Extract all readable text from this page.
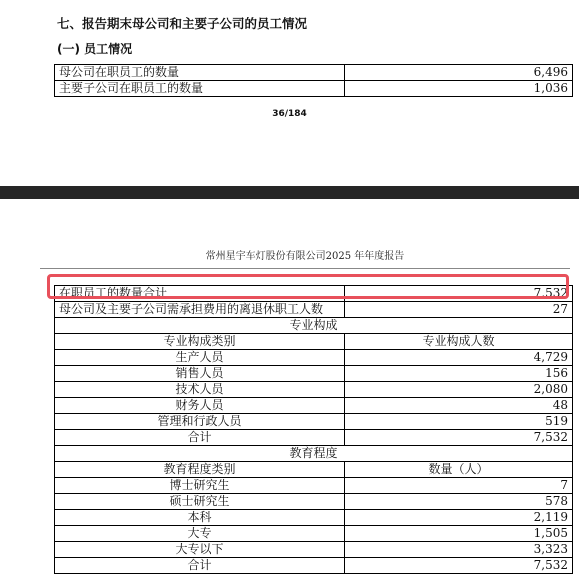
七、报告期末母公司和主要子公司的员工情况
(一) 员工情况
母公司在职员工的数量	6,496
主要子公司在职员工的数量	1,036
36/184
常州星宇车灯股份有限公司2025 年年度报告
在职员工的数量合计	7,532
母公司及主要子公司需承担费用的离退休职工人数	27
专业构成	
专业构成类别	专业构成人数
生产人员	4,729
销售人员	156
技术人员	2,080
财务人员	48
管理和行政人员	519
合计	7,532
教育程度	
教育程度类别	数量（人）
博士研究生	7
硕士研究生	578
本科	2,119
大专	1,505
大专以下	3,323
合计	7,532
